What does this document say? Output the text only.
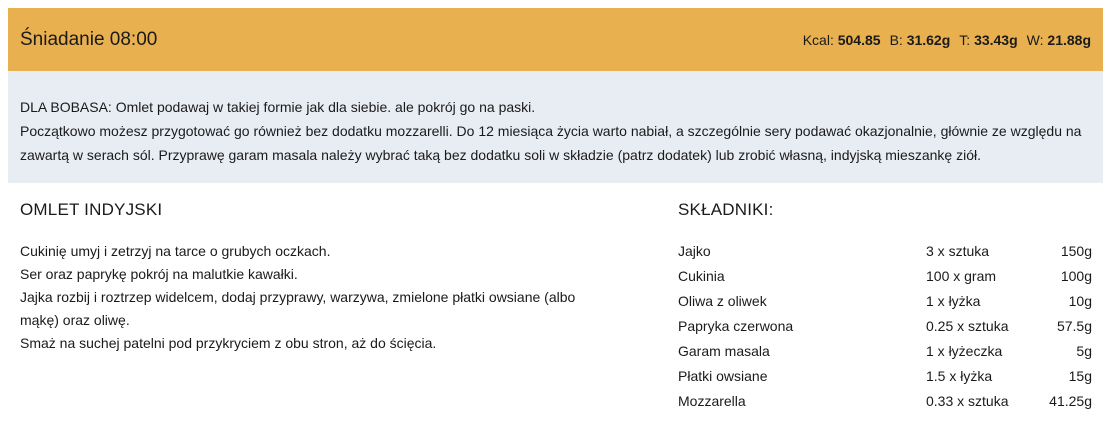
Śniadanie 08:00	Kcal: 504.85 B: 31.62g T: 33.43g W: 21.88g
DLA BOBASA: Omlet podawaj w takiej formie jak dla siebie. ale pokrój go na paski.
Początkowo możesz przygotować go również bez dodatku mozzarelli. Do 12 miesiąca życia warto nabiał, a szczególnie sery podawać okazjonalnie, głównie ze względu na
zawartą w serach sól. Przyprawę garam masala należy wybrać taką bez dodatku soli w składzie (patrz dodatek) lub zrobić własną, indyjską mieszankę ziół.
OMLET INDYJSKI
Cukinię umyj i zetrzyj na tarce o grubych oczkach.
Ser oraz paprykę pokrój na malutkie kawałki.
Jajka rozbij i roztrzep widelcem, dodaj przyprawy, warzywa, zmielone płatki owsiane (albo mąkę) oraz oliwę.
Smaż na suchej patelni pod przykryciem z obu stron, aż do ścięcia.
SKŁADNIKI:
Jajko	3 x sztuka	150g
Cukinia	100 x gram	100g
Oliwa z oliwek	1 x łyżka	10g
Papryka czerwona	0.25 x sztuka	57.5g
Garam masala	1 x łyżeczka	5g
Płatki owsiane	1.5 x łyżka	15g
Mozzarella	0.33 x sztuka	41.25g
